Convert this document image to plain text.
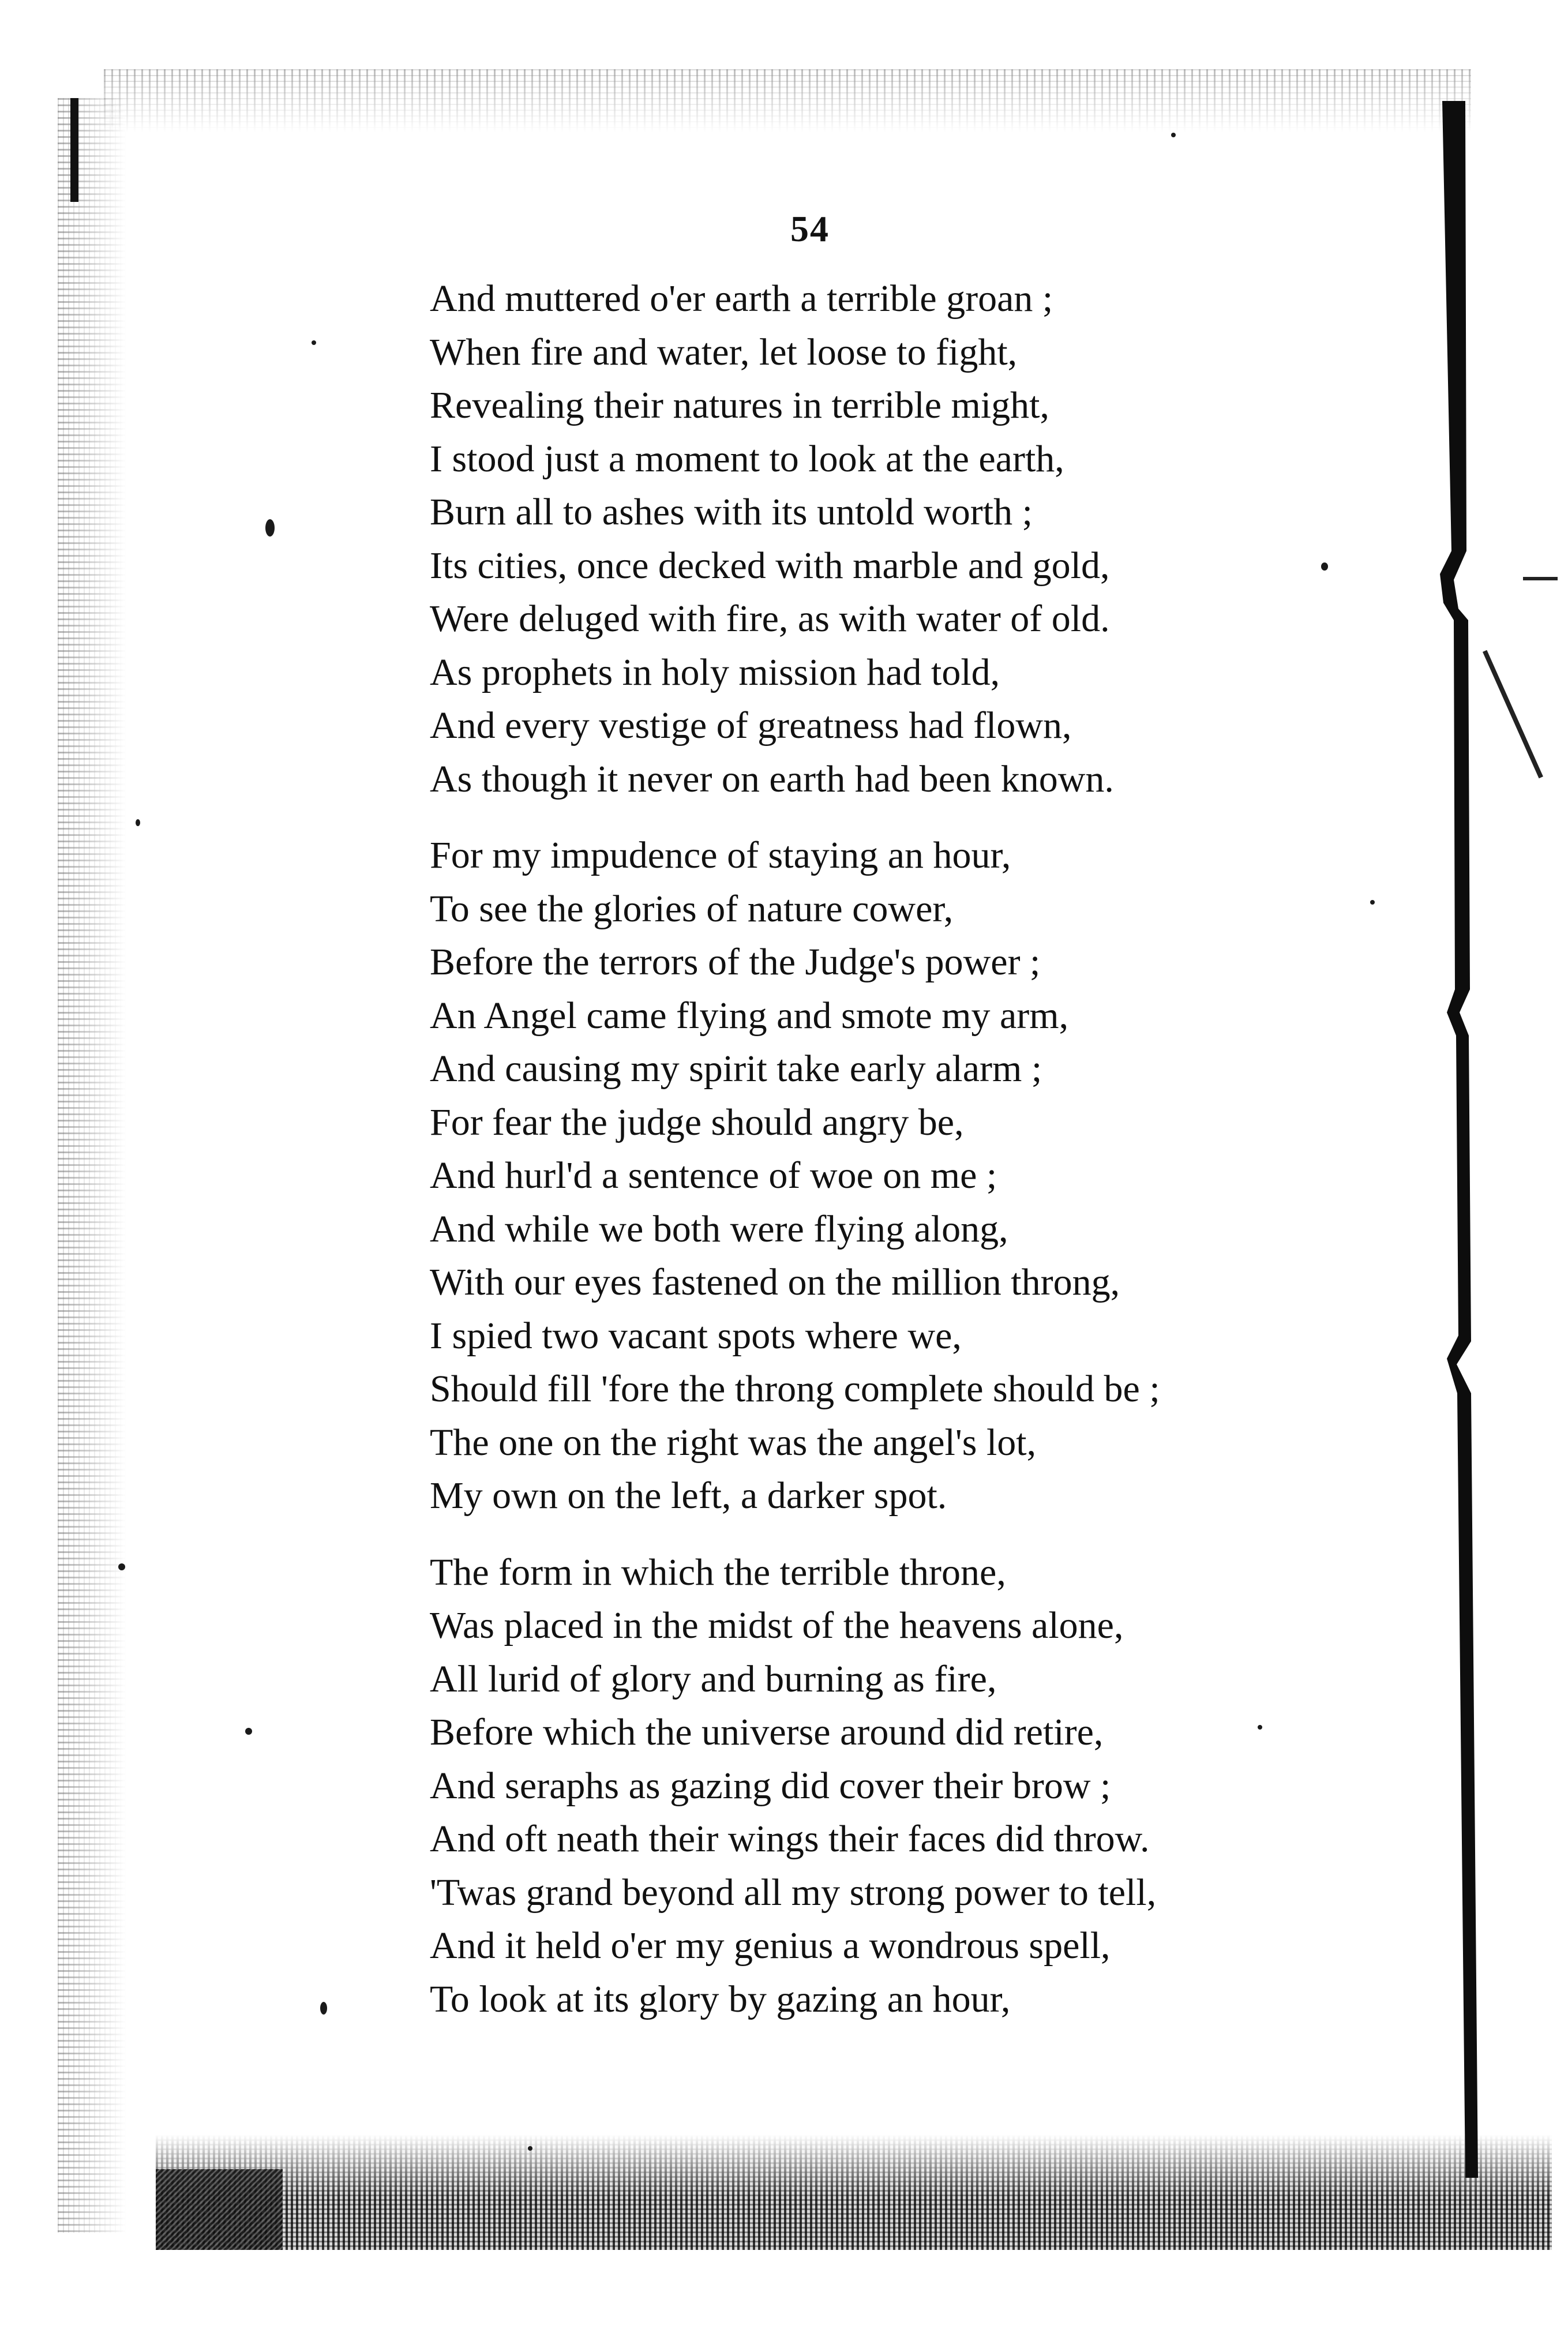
54
And muttered o'er earth a terrible groan ;
When fire and water, let loose to fight,
Revealing their natures in terrible might,
I stood just a moment to look at the earth,
Burn all to ashes with its untold worth ;
Its cities, once decked with marble and gold,
Were deluged with fire, as with water of old.
As prophets in holy mission had told,
And every vestige of greatness had flown,
As though it never on earth had been known.
For my impudence of staying an hour,
To see the glories of nature cower,
Before the terrors of the Judge's power ;
An Angel came flying and smote my arm,
And causing my spirit take early alarm ;
For fear the judge should angry be,
And hurl'd a sentence of woe on me ;
And while we both were flying along,
With our eyes fastened on the million throng,
I spied two vacant spots where we,
Should fill 'fore the throng complete should be ;
The one on the right was the angel's lot,
My own on the left, a darker spot.
The form in which the terrible throne,
Was placed in the midst of the heavens alone,
All lurid of glory and burning as fire,
Before which the universe around did retire,
And seraphs as gazing did cover their brow ;
And oft neath their wings their faces did throw.
'Twas grand beyond all my strong power to tell,
And it held o'er my genius a wondrous spell,
To look at its glory by gazing an hour,
